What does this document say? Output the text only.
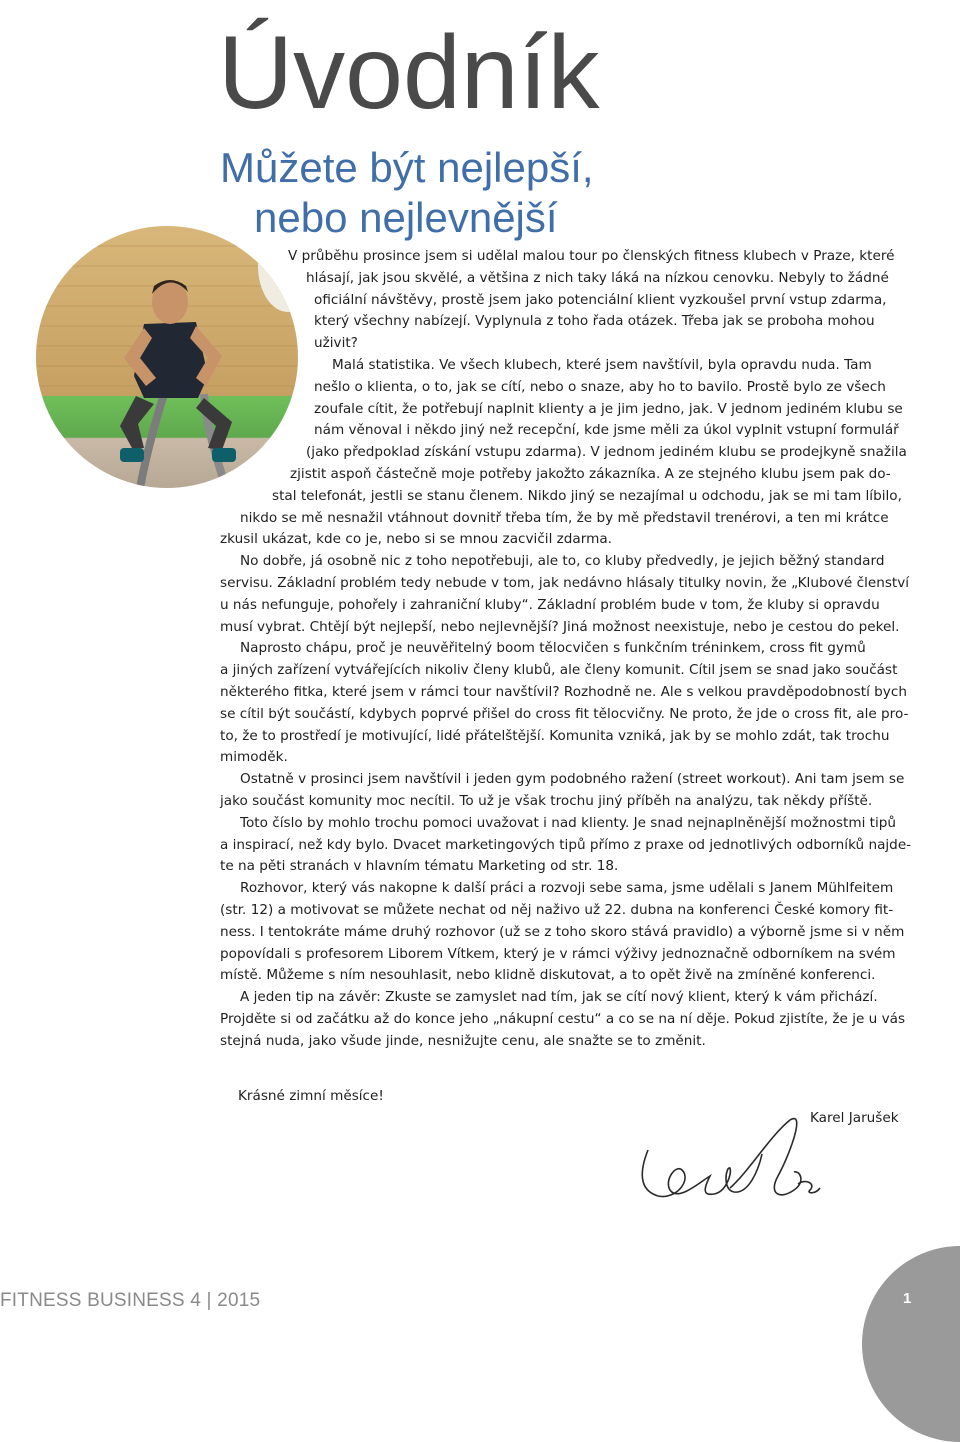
Úvodník
Můžete být nejlepší,
nebo nejlevnější
V průběhu prosince jsem si udělal malou tour po členských fitness klubech v Praze, které
hlásají, jak jsou skvělé, a většina z nich taky láká na nízkou cenovku. Nebyly to žádné
oficiální návštěvy, prostě jsem jako potenciální klient vyzkoušel první vstup zdarma,
který všechny nabízejí. Vyplynula z toho řada otázek. Třeba jak se proboha mohou
uživit?
Malá statistika. Ve všech klubech, které jsem navštívil, byla opravdu nuda. Tam
nešlo o klienta, o to, jak se cítí, nebo o snaze, aby ho to bavilo. Prostě bylo ze všech
zoufale cítit, že potřebují naplnit klienty a je jim jedno, jak. V jednom jediném klubu se
nám věnoval i někdo jiný než recepční, kde jsme měli za úkol vyplnit vstupní formulář
(jako předpoklad získání vstupu zdarma). V jednom jediném klubu se prodejkyně snažila
zjistit aspoň částečně moje potřeby jakožto zákazníka. A ze stejného klubu jsem pak do-
stal telefonát, jestli se stanu členem. Nikdo jiný se nezajímal u odchodu, jak se mi tam líbilo,
nikdo se mě nesnažil vtáhnout dovnitř třeba tím, že by mě představil trenérovi, a ten mi krátce
zkusil ukázat, kde co je, nebo si se mnou zacvičil zdarma.
No dobře, já osobně nic z toho nepotřebuji, ale to, co kluby předvedly, je jejich běžný standard
servisu. Základní problém tedy nebude v tom, jak nedávno hlásaly titulky novin, že „Klubové členství
u nás nefunguje, pohořely i zahraniční kluby“. Základní problém bude v tom, že kluby si opravdu
musí vybrat. Chtějí být nejlepší, nebo nejlevnější? Jiná možnost neexistuje, nebo je cestou do pekel.
Naprosto chápu, proč je neuvěřitelný boom tělocvičen s funkčním tréninkem, cross fit gymů
a jiných zařízení vytvářejících nikoliv členy klubů, ale členy komunit. Cítil jsem se snad jako součást
některého fitka, které jsem v rámci tour navštívil? Rozhodně ne. Ale s velkou pravděpodobností bych
se cítil být součástí, kdybych poprvé přišel do cross fit tělocvičny. Ne proto, že jde o cross fit, ale pro-
to, že to prostředí je motivující, lidé přátelštější. Komunita vzniká, jak by se mohlo zdát, tak trochu
mimoděk.
Ostatně v prosinci jsem navštívil i jeden gym podobného ražení (street workout). Ani tam jsem se
jako součást komunity moc necítil. To už je však trochu jiný příběh na analýzu, tak někdy příště.
Toto číslo by mohlo trochu pomoci uvažovat i nad klienty. Je snad nejnaplněnější možnostmi tipů
a inspirací, než kdy bylo. Dvacet marketingových tipů přímo z praxe od jednotlivých odborníků najde-
te na pěti stranách v hlavním tématu Marketing od str. 18.
Rozhovor, který vás nakopne k další práci a rozvoji sebe sama, jsme udělali s Janem Mühlfeitem
(str. 12) a motivovat se můžete nechat od něj naživo už 22. dubna na konferenci České komory fit-
ness. I tentokráte máme druhý rozhovor (už se z toho skoro stává pravidlo) a výborně jsme si v něm
popovídali s profesorem Liborem Vítkem, který je v rámci výživy jednoznačně odborníkem na svém
místě. Můžeme s ním nesouhlasit, nebo klidně diskutovat, a to opět živě na zmíněné konferenci.
A jeden tip na závěr: Zkuste se zamyslet nad tím, jak se cítí nový klient, který k vám přichází.
Projděte si od začátku až do konce jeho „nákupní cestu“ a co se na ní děje. Pokud zjistíte, že je u vás
stejná nuda, jako všude jinde, nesnižujte cenu, ale snažte se to změnit.
Krásné zimní měsíce!
Karel Jarušek
FITNESS BUSINESS 4 | 2015	1
